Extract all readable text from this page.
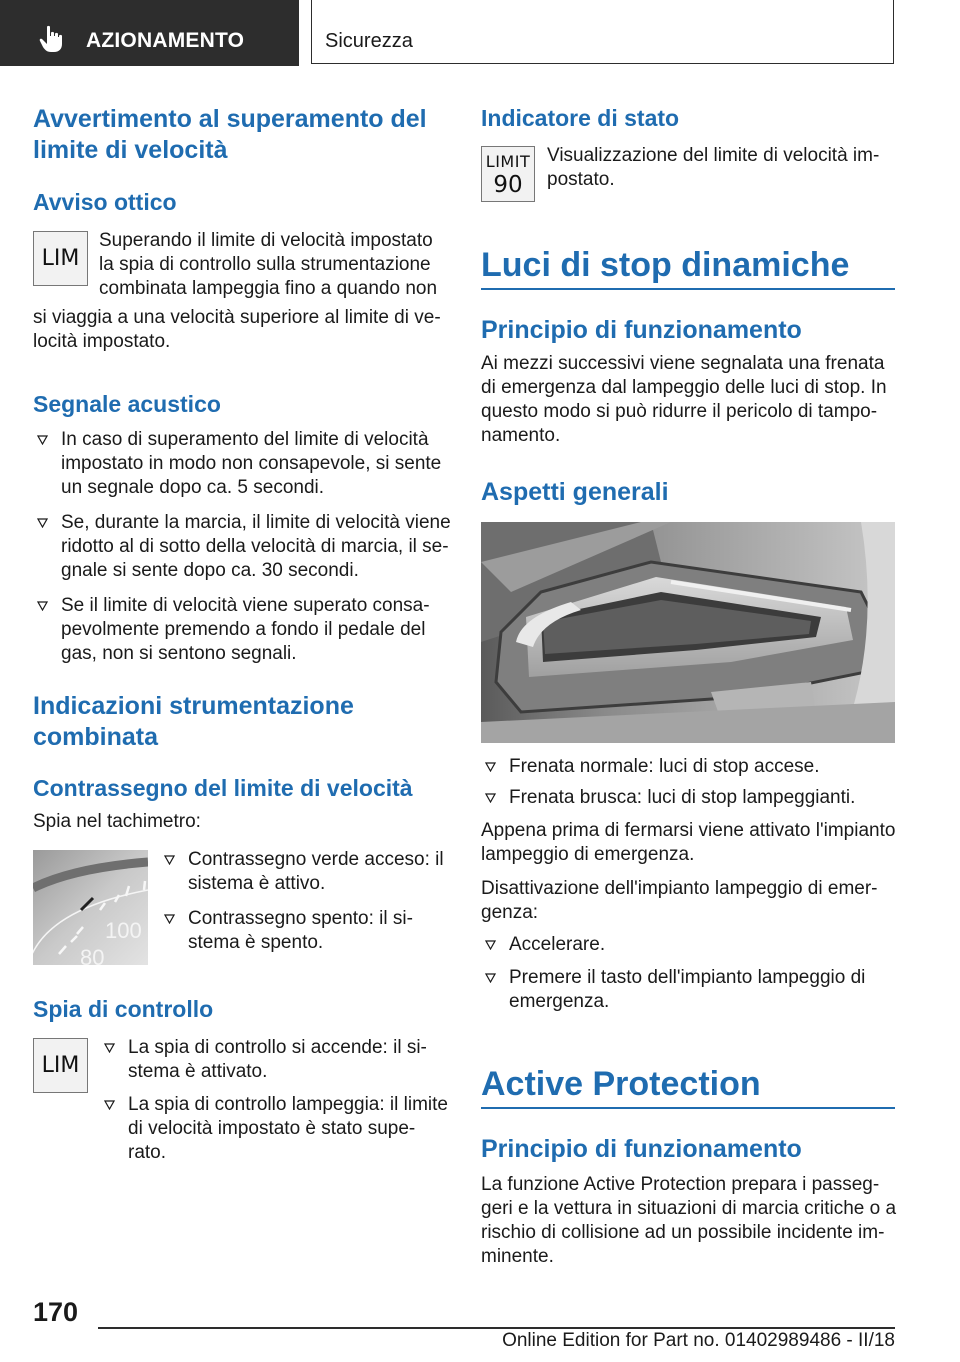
AZIONAMENTO	Sicurezza
Avvertimento al superamento del
limite di velocità
Avviso ottico
LIM
Superando il limite di velocità impostato
la spia di controllo sulla strumentazione
combinata lampeggia fino a quando non
si viaggia a una velocità superiore al limite di ve-
locità impostato.
Segnale acustico
In caso di superamento del limite di velocità
impostato in modo non consapevole, si sente
un segnale dopo ca. 5 secondi.
Se, durante la marcia, il limite di velocità viene
ridotto al di sotto della velocità di marcia, il se-
gnale si sente dopo ca. 30 secondi.
Se il limite di velocità viene superato consa-
pevolmente premendo a fondo il pedale del
gas, non si sentono segnali.
Indicazioni strumentazione
combinata
Contrassegno del limite di velocità
Spia nel tachimetro:
100
80
Contrassegno verde acceso: il
sistema è attivo.
Contrassegno spento: il si-
stema è spento.
Spia di controllo
LIM
La spia di controllo si accende: il si-
stema è attivato.
La spia di controllo lampeggia: il limite
di velocità impostato è stato supe-
rato.
Indicatore di stato
LIMIT
90
Visualizzazione del limite di velocità im-
postato.
Luci di stop dinamiche
Principio di funzionamento
Ai mezzi successivi viene segnalata una frenata
di emergenza dal lampeggio delle luci di stop. In
questo modo si può ridurre il pericolo di tampo-
namento.
Aspetti generali
Frenata normale: luci di stop accese.
Frenata brusca: luci di stop lampeggianti.
Appena prima di fermarsi viene attivato l'impianto
lampeggio di emergenza.
Disattivazione dell'impianto lampeggio di emer-
genza:
Accelerare.
Premere il tasto dell'impianto lampeggio di
emergenza.
Active Protection
Principio di funzionamento
La funzione Active Protection prepara i passeg-
geri e la vettura in situazioni di marcia critiche o a
rischio di collisione ad un possibile incidente im-
minente.
170
Online Edition for Part no. 01402989486 - II/18
